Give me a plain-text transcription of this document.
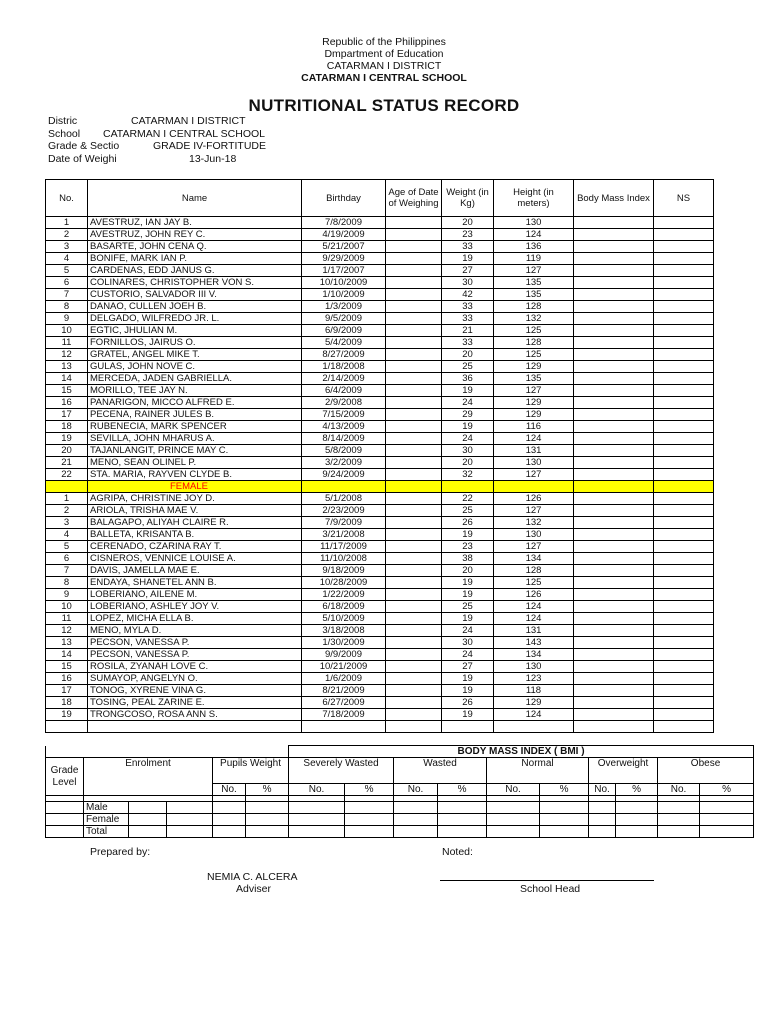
Republic of the Philippines
Dmpartment of Education
CATARMAN I DISTRICT
CATARMAN I CENTRAL SCHOOL
NUTRITIONAL STATUS RECORD
Distric	CATARMAN I DISTRICT
School CATARMAN I CENTRAL SCHOOL
Grade & Sectio	GRADE IV-FORTITUDE
Date of Weighi	13-Jun-18
No.	Name	Birthday	Age of Date of Weighing	Weight (in Kg)	Height (in meters)	Body Mass Index	NS
1	AVESTRUZ, IAN JAY B.	7/8/2009		20	130		
2	AVESTRUZ, JOHN REY C.	4/19/2009		23	124		
3	BASARTE, JOHN CENA Q.	5/21/2007		33	136		
4	BONIFE, MARK IAN P.	9/29/2009		19	119		
5	CARDENAS, EDD JANUS G.	1/17/2007		27	127		
6	COLINARES, CHRISTOPHER VON S.	10/10/2009		30	135		
7	CUSTORIO, SALVADOR III V.	1/10/2009		42	135		
8	DANAO, CULLEN JOEH B.	1/3/2009		33	128		
9	DELGADO, WILFREDO JR. L.	9/5/2009		33	132		
10	EGTIC, JHULIAN M.	6/9/2009		21	125		
11	FORNILLOS, JAIRUS O.	5/4/2009		33	128		
12	GRATEL, ANGEL MIKE T.	8/27/2009		20	125		
13	GULAS, JOHN NOVE C.	1/18/2008		25	129		
14	MERCEDA, JADEN GABRIELLA.	2/14/2009		36	135		
15	MORILLO, TEE JAY N.	6/4/2009		19	127		
16	PANARIGON, MICCO ALFRED E.	2/9/2008		24	129		
17	PECENA, RAINER JULES B.	7/15/2009		29	129		
18	RUBENECIA, MARK SPENCER	4/13/2009		19	116		
19	SEVILLA, JOHN MHARUS A.	8/14/2009		24	124		
20	TAJANLANGIT, PRINCE MAY C.	5/8/2009		30	131		
21	MENO, SEAN OLINEL P.	3/2/2009		20	130		
22	STA. MARIA, RAYVEN CLYDE B.	9/24/2009		32	127		
	FEMALE						
1	AGRIPA, CHRISTINE JOY D.	5/1/2008		22	126		
2	ARIOLA, TRISHA MAE V.	2/23/2009		25	127		
3	BALAGAPO, ALIYAH CLAIRE R.	7/9/2009		26	132		
4	BALLETA, KRISANTA B.	3/21/2008		19	130		
5	CERENADO, CZARINA RAY T.	11/17/2009		23	127		
6	CISNEROS, VENNICE LOUISE A.	11/10/2008		38	134		
7	DAVIS, JAMELLA MAE E.	9/18/2009		20	128		
8	ENDAYA, SHANETEL ANN B.	10/28/2009		19	125		
9	LOBERIANO, AILENE M.	1/22/2009		19	126		
10	LOBERIANO, ASHLEY JOY V.	6/18/2009		25	124		
11	LOPEZ, MICHA ELLA B.	5/10/2009		19	124		
12	MENO, MYLA D.	3/18/2008		24	131		
13	PECSON, VANESSA P.	1/30/2009		30	143		
14	PECSON, VANESSA P.	9/9/2009		24	134		
15	ROSILA, ZYANAH LOVE C.	10/21/2009		27	130		
16	SUMAYOP, ANGELYN O.	1/6/2009		19	123		
17	TONOG, XYRENE VINA G.	8/21/2009		19	118		
18	TOSING, PEAL ZARINE E.	6/27/2009		26	129		
19	TRONGCOSO, ROSA ANN S.	7/18/2009		19	124		

						BODY MASS INDEX ( BMI )									
Grade Level	Enrolment			Pupils Weight		Severely Wasted		Wasted		Normal		Overweight		Obese	
				No.	%	No.	%	No.	%	No.	%	No.	%	No.	%

	Male														
	Female														
	Total														
Prepared by:	Noted:
NEMIA C. ALCERA
Adviser	School Head
